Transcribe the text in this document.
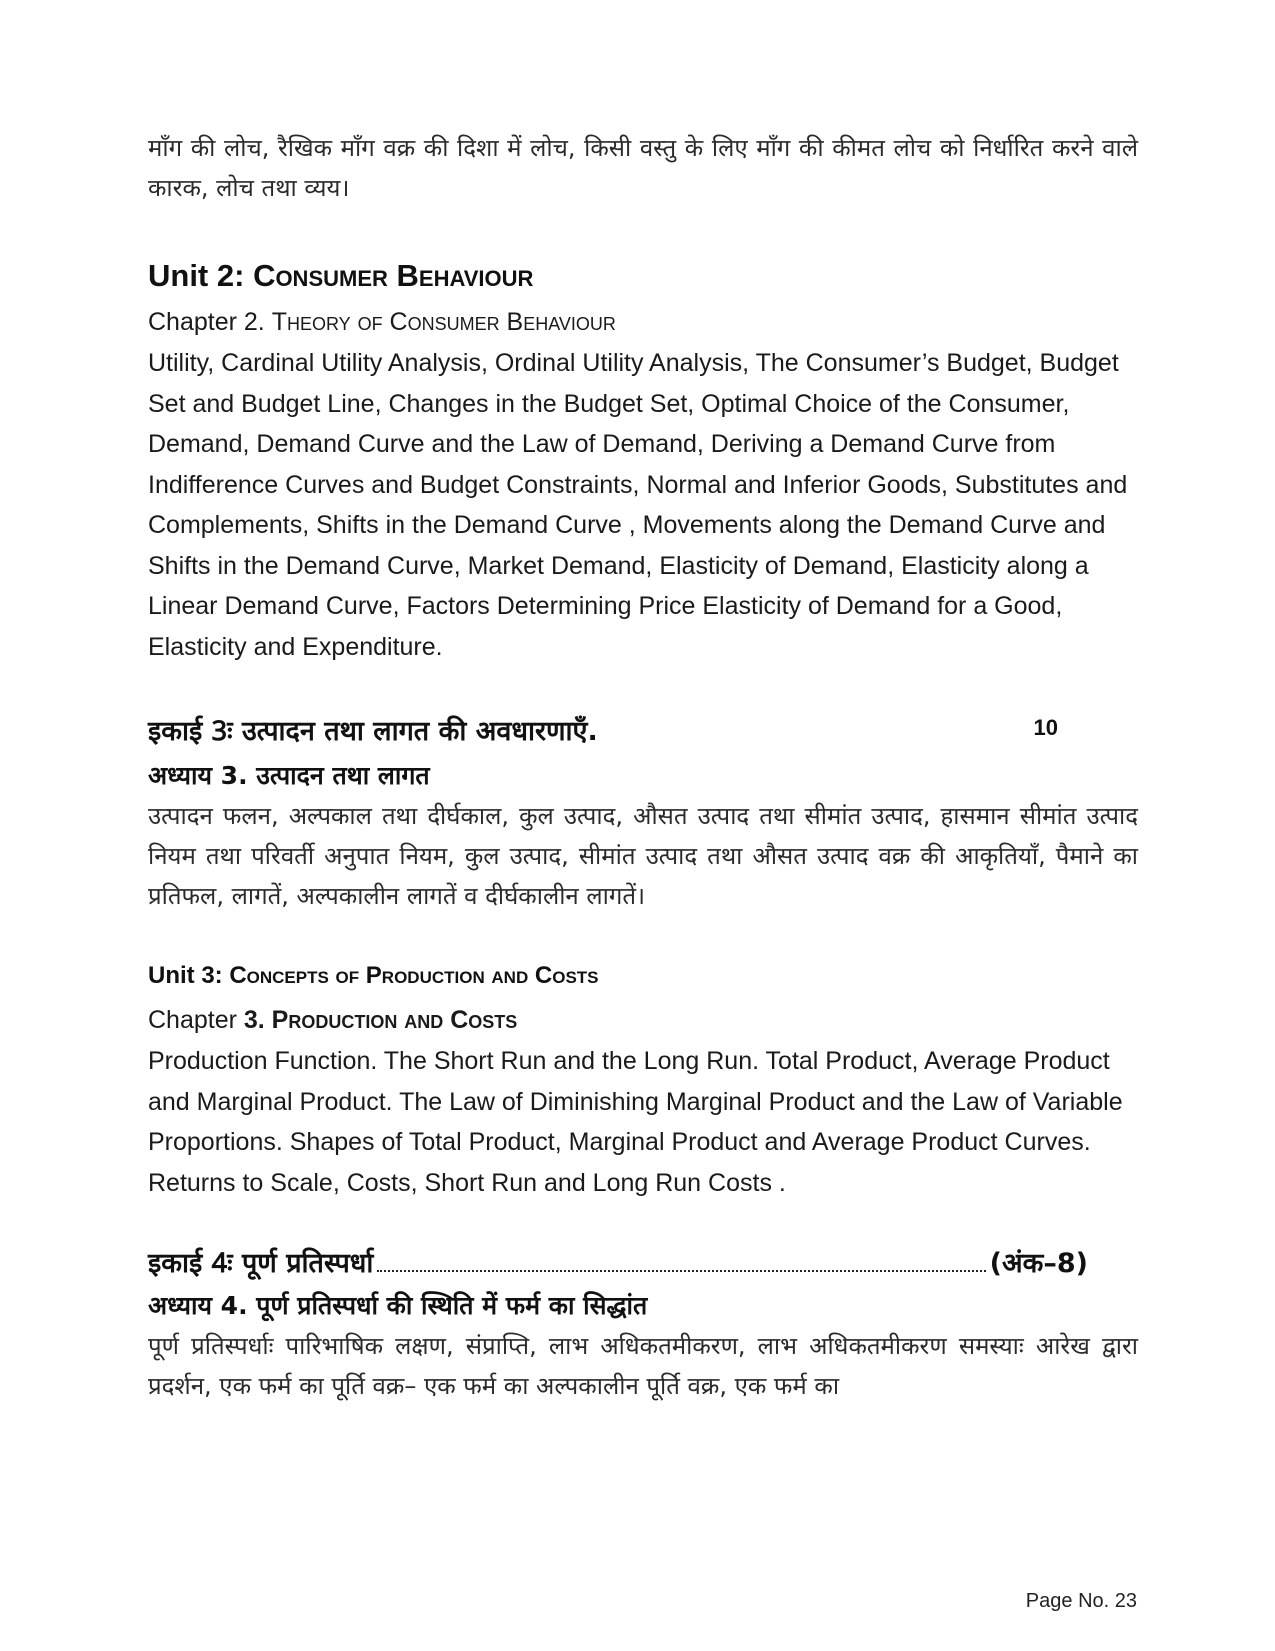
माँग की लोच, रैखिक माँग वक्र की दिशा में लोच, किसी वस्तु के लिए माँग की कीमत लोच को निर्धारित करने वाले कारक, लोच तथा व्यय।

Unit 2: Consumer Behaviour

Chapter 2. Theory of Consumer Behaviour

Utility, Cardinal Utility Analysis, Ordinal Utility Analysis, The Consumer’s Budget, Budget Set and Budget Line, Changes in the Budget Set, Optimal Choice of the Consumer, Demand, Demand Curve and the Law of Demand, Deriving a Demand Curve from Indifference Curves and Budget Constraints, Normal and Inferior Goods, Substitutes and Complements, Shifts in the Demand Curve , Movements along the Demand Curve and Shifts in the Demand Curve, Market Demand, Elasticity of Demand, Elasticity along a Linear Demand Curve, Factors Determining Price Elasticity of Demand for a Good, Elasticity and Expenditure.

इकाई 3ः उत्पादन तथा लागत की अवधारणाएँ.	10
अध्याय 3. उत्पादन तथा लागत

उत्पादन फलन, अल्पकाल तथा दीर्घकाल, कुल उत्पाद, औसत उत्पाद तथा सीमांत उत्पाद, हासमान सीमांत उत्पाद नियम तथा परिवर्ती अनुपात नियम, कुल उत्पाद, सीमांत उत्पाद तथा औसत उत्पाद वक्र की आकृतियाँ, पैमाने का प्रतिफल, लागतें, अल्पकालीन लागतें व दीर्घकालीन लागतें।

Unit 3: Concepts of Production and Costs

Chapter 3. Production and Costs

Production Function. The Short Run and the Long Run. Total Product, Average Product and Marginal Product. The Law of Diminishing Marginal Product and the Law of Variable Proportions. Shapes of Total Product, Marginal Product and Average Product Curves. Returns to Scale, Costs, Short Run and Long Run Costs .

इकाई 4ः पूर्ण प्रतिस्पर्धा	(अंक–8)
अध्याय 4. पूर्ण प्रतिस्पर्धा की स्थिति में फर्म का सिद्धांत

पूर्ण प्रतिस्पर्धाः पारिभाषिक लक्षण, संप्राप्ति, लाभ अधिकतमीकरण, लाभ अधिकतमीकरण समस्याः आरेख द्वारा प्रदर्शन, एक फर्म का पूर्ति वक्र– एक फर्म का अल्पकालीन पूर्ति वक्र, एक फर्म का

Page No. 23
